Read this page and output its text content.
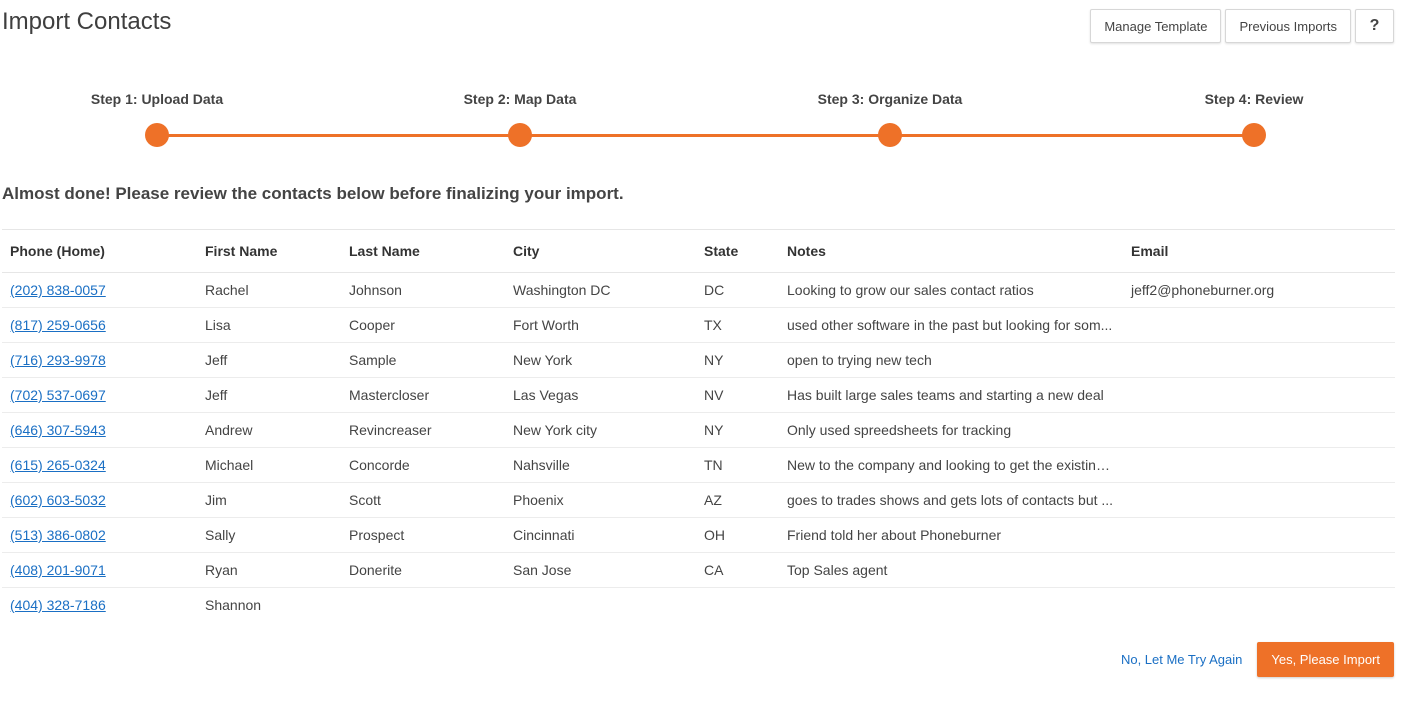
Import Contacts	Manage Template	Previous Imports	?
Step 1: Upload Data	Step 2: Map Data	Step 3: Organize Data	Step 4: Review
Almost done! Please review the contacts below before finalizing your import.
Phone (Home)	First Name	Last Name	City	State	Notes	Email
(202) 838-0057	Rachel	Johnson	Washington DC	DC	Looking to grow our sales contact ratios	jeff2@phoneburner.org
(817) 259-0656	Lisa	Cooper	Fort Worth	TX	used other software in the past but looking for som...	
(716) 293-9978	Jeff	Sample	New York	NY	open to trying new tech	
(702) 537-0697	Jeff	Mastercloser	Las Vegas	NV	Has built large sales teams and starting a new deal	
(646) 307-5943	Andrew	Revincreaser	New York city	NY	Only used spreedsheets for tracking	
(615) 265-0324	Michael	Concorde	Nahsville	TN	New to the company and looking to get the existing...	
(602) 603-5032	Jim	Scott	Phoenix	AZ	goes to trades shows and gets lots of contacts but ...	
(513) 386-0802	Sally	Prospect	Cincinnati	OH	Friend told her about Phoneburner	
(408) 201-9071	Ryan	Donerite	San Jose	CA	Top Sales agent	
(404) 328-7186	Shannon					
No, Let Me Try Again	Yes, Please Import
